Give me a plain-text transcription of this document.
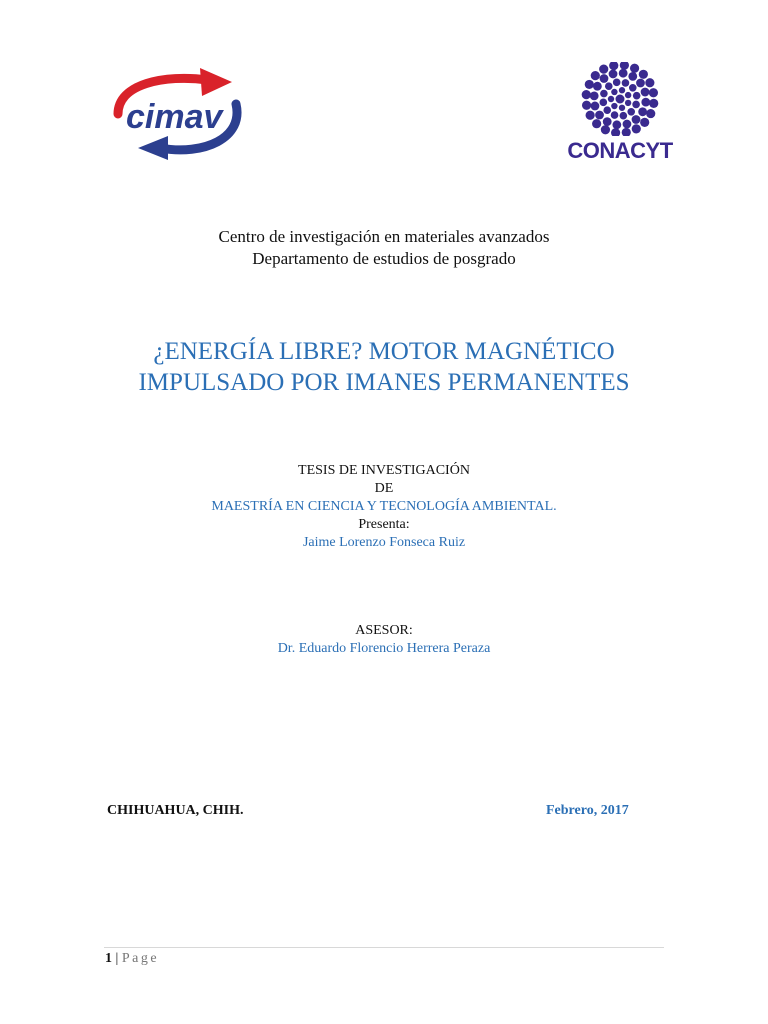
cimav
CONACYT
Centro de investigación en materiales avanzados
Departamento de estudios de posgrado
¿ENERGÍA LIBRE? MOTOR MAGNÉTICO
IMPULSADO POR IMANES PERMANENTES
TESIS DE INVESTIGACIÓN
DE
MAESTRÍA EN CIENCIA Y TECNOLOGÍA AMBIENTAL.
Presenta:
Jaime Lorenzo Fonseca Ruiz
ASESOR:
Dr. Eduardo Florencio Herrera Peraza
CHIHUAHUA, CHIH.	Febrero, 2017
1 | Page
